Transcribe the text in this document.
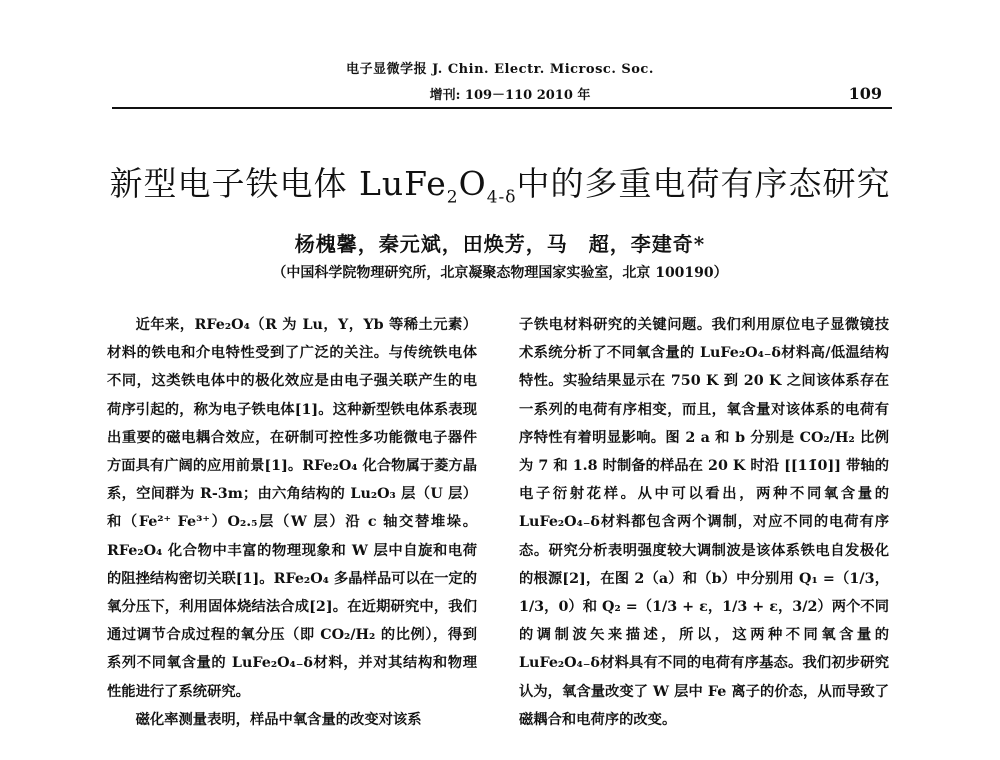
电子显微学报 J. Chin. Electr. Microsc. Soc.
增刊: 109－110 2010 年	109
新型电子铁电体 $LuFe_2O_{4-\delta}$中的多重电荷有序态研究
杨槐馨，秦元斌，田焕芳，马　超，李建奇*
（中国科学院物理研究所，北京凝聚态物理国家实验室，北京 100190）

近年来，RFe₂O₄（R 为 Lu，Y，Yb 等稀土元素）材料的铁电和介电特性受到了广泛的关注。与传统铁电体不同，这类铁电体中的极化效应是由电子强关联产生的电荷序引起的，称为电子铁电体[1]。这种新型铁电体系表现出重要的磁电耦合效应，在研制可控性多功能微电子器件方面具有广阔的应用前景[1]。RFe₂O₄ 化合物属于菱方晶系，空间群为 R-3m；由六角结构的 Lu₂O₃ 层（U 层）和（Fe²⁺ Fe³⁺）O₂.₅层（W 层）沿 c 轴交替堆垛。RFe₂O₄ 化合物中丰富的物理现象和 W 层中自旋和电荷的阻挫结构密切关联[1]。RFe₂O₄ 多晶样品可以在一定的氧分压下，利用固体烧结法合成[2]。在近期研究中，我们通过调节合成过程的氧分压（即 CO₂/H₂ 的比例），得到系列不同氧含量的 LuFe₂O₄₋δ材料，并对其结构和物理性能进行了系统研究。

磁化率测量表明，样品中氧含量的改变对该系

子铁电材料研究的关键问题。我们利用原位电子显微镜技术系统分析了不同氧含量的 LuFe₂O₄₋δ材料高/低温结构特性。实验结果显示在 750 K 到 20 K 之间该体系存在一系列的电荷有序相变，而且，氧含量对该体系的电荷有序特性有着明显影响。图 2 a 和 b 分别是 CO₂/H₂ 比例为 7 和 1.8 时制备的样品在 20 K 时沿 [[11̄0]] 带轴的电子衍射花样。从中可以看出，两种不同氧含量的 LuFe₂O₄₋δ材料都包含两个调制，对应不同的电荷有序态。研究分析表明强度较大调制波是该体系铁电自发极化的根源[2]，在图 2（a）和（b）中分别用 Q₁ =（1/3，1/3，0）和 Q₂ =（1/3 + ε，1/3 + ε，3/2）两个不同的调制波矢来描述，所以，这两种不同氧含量的 LuFe₂O₄₋δ材料具有不同的电荷有序基态。我们初步研究认为，氧含量改变了 W 层中 Fe 离子的价态，从而导致了磁耦合和电荷序的改变。
